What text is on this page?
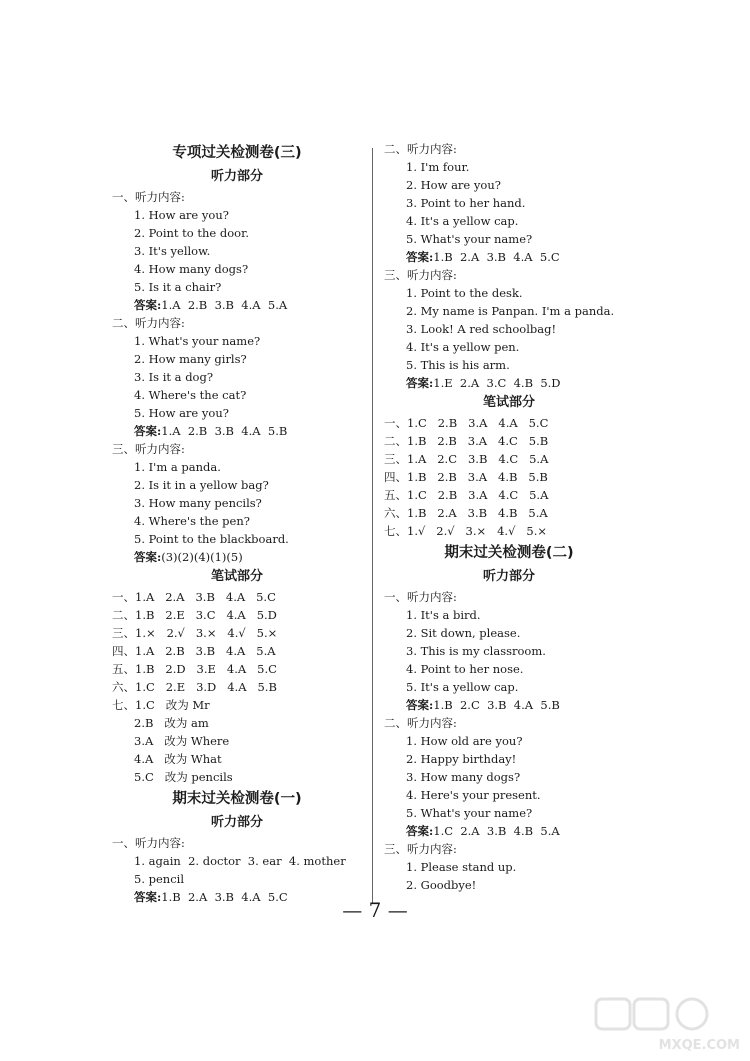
专项过关检测卷(三)
听力部分
一、听力内容:
1. How are you?
2. Point to the door.
3. It's yellow.
4. How many dogs?
5. Is it a chair?
答案:1.A  2.B  3.B  4.A  5.A
二、听力内容:
1. What's your name?
2. How many girls?
3. Is it a dog?
4. Where's the cat?
5. How are you?
答案:1.A  2.B  3.B  4.A  5.B
三、听力内容:
1. I'm a panda.
2. Is it in a yellow bag?
3. How many pencils?
4. Where's the pen?
5. Point to the blackboard.
答案:(3)(2)(4)(1)(5)
笔试部分
一、1.A   2.A   3.B   4.A   5.C
二、1.B   2.E   3.C   4.A   5.D
三、1.×   2.√   3.×   4.√   5.×
四、1.A   2.B   3.B   4.A   5.A
五、1.B   2.D   3.E   4.A   5.C
六、1.C   2.E   3.D   4.A   5.B
七、1.C   改为 Mr
2.B   改为 am
3.A   改为 Where
4.A   改为 What
5.C   改为 pencils
期末过关检测卷(一)
听力部分
一、听力内容:
1. again  2. doctor  3. ear  4. mother
5. pencil
答案:1.B  2.A  3.B  4.A  5.C
二、听力内容:
1. I'm four.
2. How are you?
3. Point to her hand.
4. It's a yellow cap.
5. What's your name?
答案:1.B  2.A  3.B  4.A  5.C
三、听力内容:
1. Point to the desk.
2. My name is Panpan. I'm a panda.
3. Look! A red schoolbag!
4. It's a yellow pen.
5. This is his arm.
答案:1.E  2.A  3.C  4.B  5.D
笔试部分
一、1.C   2.B   3.A   4.A   5.C
二、1.B   2.B   3.A   4.C   5.B
三、1.A   2.C   3.B   4.C   5.A
四、1.B   2.B   3.A   4.B   5.B
五、1.C   2.B   3.A   4.C   5.A
六、1.B   2.A   3.B   4.B   5.A
七、1.√   2.√   3.×   4.√   5.×
期末过关检测卷(二)
听力部分
一、听力内容:
1. It's a bird.
2. Sit down, please.
3. This is my classroom.
4. Point to her nose.
5. It's a yellow cap.
答案:1.B  2.C  3.B  4.A  5.B
二、听力内容:
1. How old are you?
2. Happy birthday!
3. How many dogs?
4. Here's your present.
5. What's your name?
答案:1.C  2.A  3.B  4.B  5.A
三、听力内容:
1. Please stand up.
2. Goodbye!
— 7 —
MXQE.COM
